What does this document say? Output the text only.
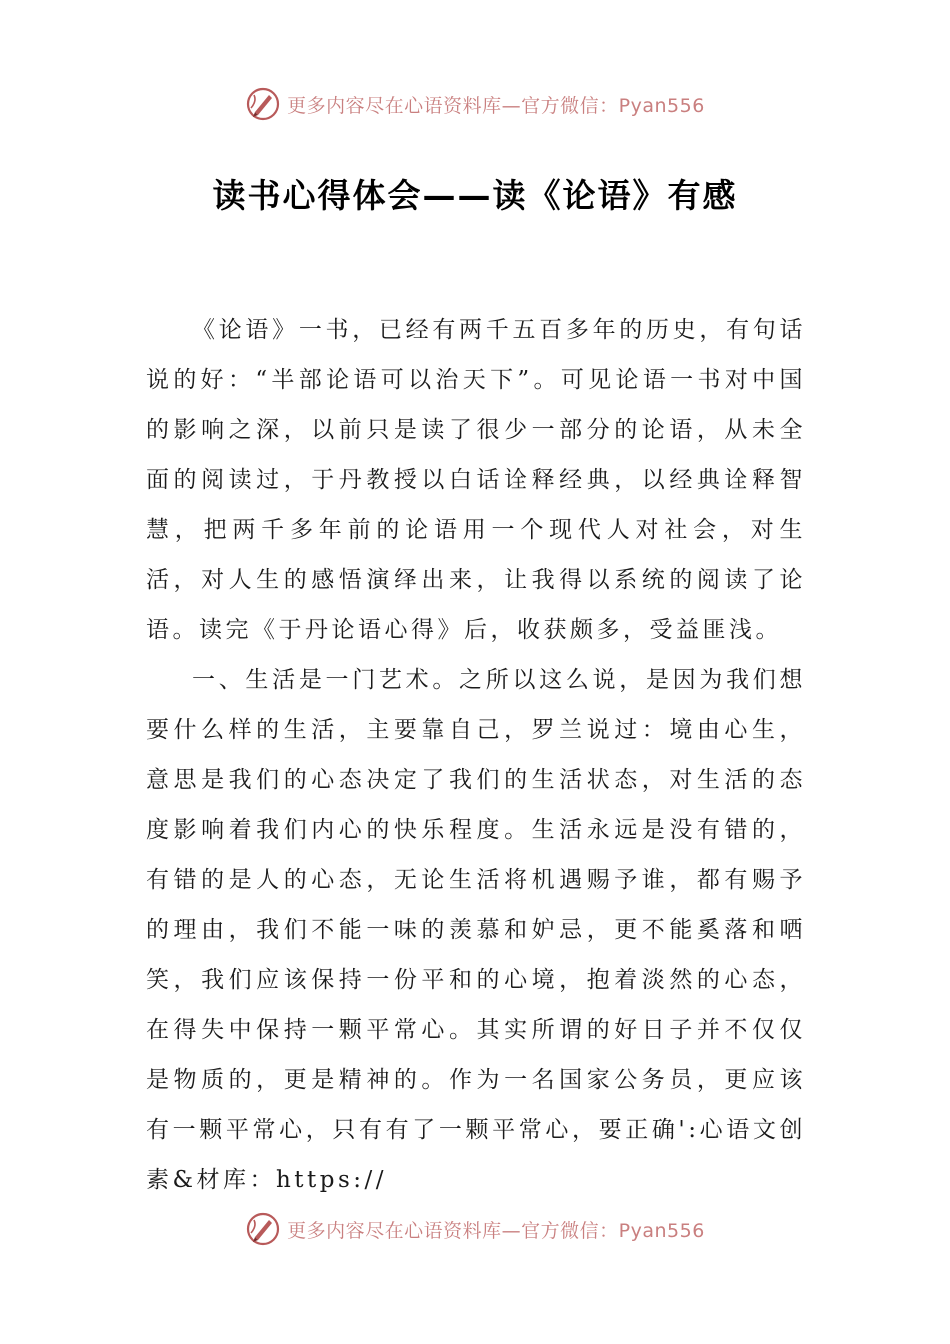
更多内容尽在心语资料库—官方微信：Pyan556
读书心得体会——读《论语》有感

《论语》一书，已经有两千五百多年的历史，有句话说的好：“半部论语可以治天下”。可见论语一书对中国的影响之深，以前只是读了很少一部分的论语，从未全面的阅读过，于丹教授以白话诠释经典，以经典诠释智慧，把两千多年前的论语用一个现代人对社会，对生活，对人生的感悟演绎出来，让我得以系统的阅读了论语。读完《于丹论语心得》后，收获颇多，受益匪浅。

一、生活是一门艺术。之所以这么说，是因为我们想要什么样的生活，主要靠自己，罗兰说过：境由心生，意思是我们的心态决定了我们的生活状态，对生活的态度影响着我们内心的快乐程度。生活永远是没有错的，有错的是人的心态，无论生活将机遇赐予谁，都有赐予的理由，我们不能一味的羡慕和妒忌，更不能奚落和哂笑，我们应该保持一份平和的心境，抱着淡然的心态，在得失中保持一颗平常心。其实所谓的好日子并不仅仅是物质的，更是精神的。作为一名国家公务员，更应该有一颗平常心，只有有了一颗平常心，要正确':心语文创素&材库：https://

更多内容尽在心语资料库—官方微信：Pyan556
